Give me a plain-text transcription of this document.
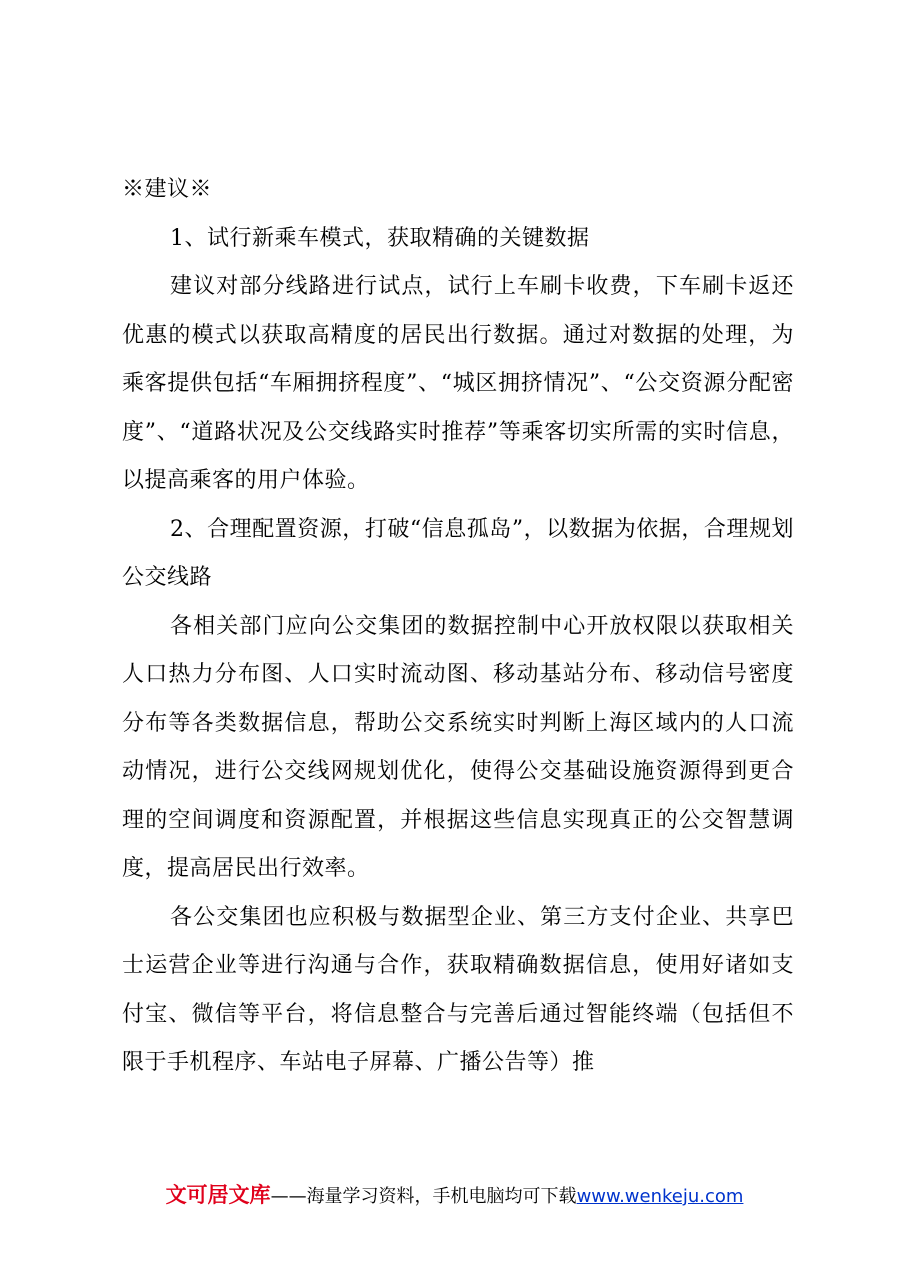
※建议※

1、试行新乘车模式，获取精确的关键数据

建议对部分线路进行试点，试行上车刷卡收费，下车刷卡返还优惠的模式以获取高精度的居民出行数据。通过对数据的处理，为乘客提供包括“车厢拥挤程度”、“城区拥挤情况”、“公交资源分配密度”、“道路状况及公交线路实时推荐”等乘客切实所需的实时信息，以提高乘客的用户体验。

2、合理配置资源，打破“信息孤岛”，以数据为依据，合理规划公交线路

各相关部门应向公交集团的数据控制中心开放权限以获取相关人口热力分布图、人口实时流动图、移动基站分布、移动信号密度分布等各类数据信息，帮助公交系统实时判断上海区域内的人口流动情况，进行公交线网规划优化，使得公交基础设施资源得到更合理的空间调度和资源配置，并根据这些信息实现真正的公交智慧调度，提高居民出行效率。

各公交集团也应积极与数据型企业、第三方支付企业、共享巴士运营企业等进行沟通与合作，获取精确数据信息，使用好诸如支付宝、微信等平台，将信息整合与完善后通过智能终端（包括但不限于手机程序、车站电子屏幕、广播公告等）推

文可居文库——海量学习资料，手机电脑均可下载www.wenkeju.com
